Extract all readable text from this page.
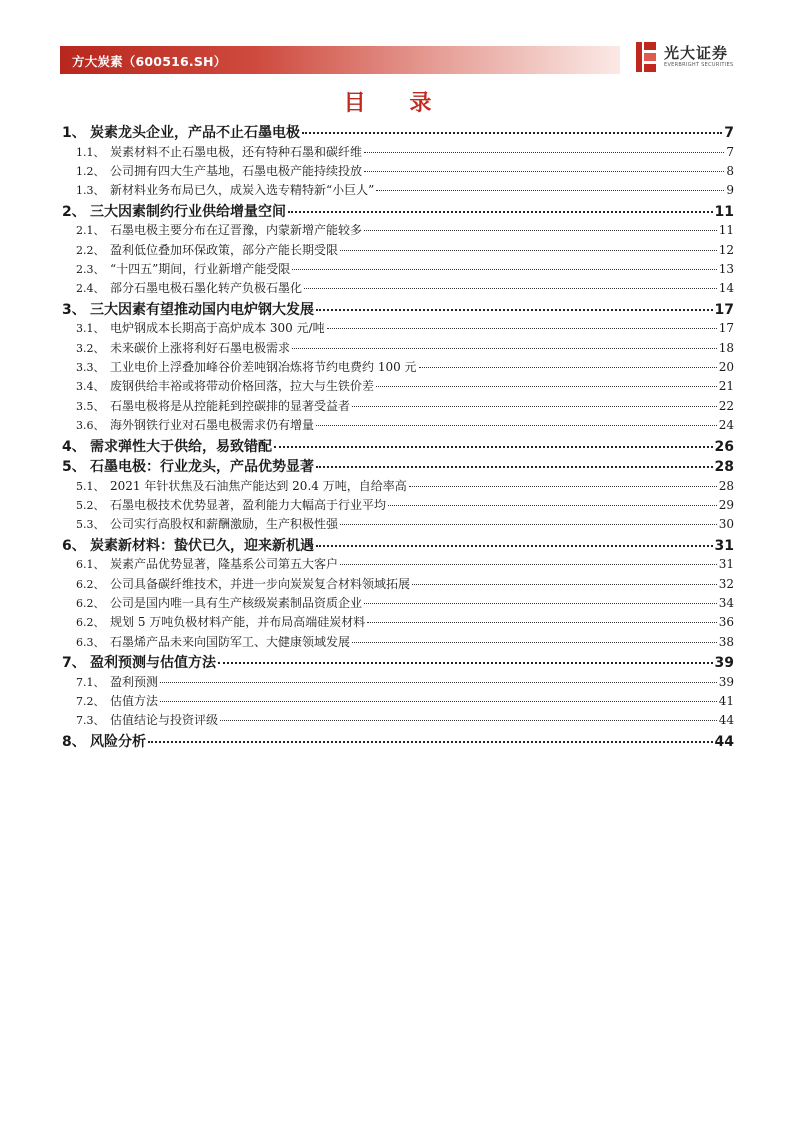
方大炭素（600516.SH）	光大证券
EVERBRIGHT SECURITIES
目 录
1、 炭素龙头企业，产品不止石墨电极	7
1.1、 炭素材料不止石墨电极，还有特种石墨和碳纤维	7
1.2、 公司拥有四大生产基地，石墨电极产能持续投放	8
1.3、 新材料业务布局已久，成炭入选专精特新“小巨人”	9
2、 三大因素制约行业供给增量空间	11
2.1、 石墨电极主要分布在辽晋豫，内蒙新增产能较多	11
2.2、 盈利低位叠加环保政策，部分产能长期受限	12
2.3、 “十四五”期间，行业新增产能受限	13
2.4、 部分石墨电极石墨化转产负极石墨化	14
3、 三大因素有望推动国内电炉钢大发展	17
3.1、 电炉钢成本长期高于高炉成本 300 元/吨	17
3.2、 未来碳价上涨将利好石墨电极需求	18
3.3、 工业电价上浮叠加峰谷价差吨钢冶炼将节约电费约 100 元	20
3.4、 废钢供给丰裕或将带动价格回落，拉大与生铁价差	21
3.5、 石墨电极将是从控能耗到控碳排的显著受益者	22
3.6、 海外钢铁行业对石墨电极需求仍有增量	24
4、 需求弹性大于供给，易致错配	26
5、 石墨电极：行业龙头，产品优势显著	28
5.1、 2021 年针状焦及石油焦产能达到 20.4 万吨，自给率高	28
5.2、 石墨电极技术优势显著，盈利能力大幅高于行业平均	29
5.3、 公司实行高股权和薪酬激励，生产积极性强	30
6、 炭素新材料：蛰伏已久，迎来新机遇	31
6.1、 炭素产品优势显著，隆基系公司第五大客户	31
6.2、 公司具备碳纤维技术，并进一步向炭炭复合材料领域拓展	32
6.2、 公司是国内唯一具有生产核级炭素制品资质企业	34
6.2、 规划 5 万吨负极材料产能，并布局高端硅炭材料	36
6.3、 石墨烯产品未来向国防军工、大健康领域发展	38
7、 盈利预测与估值方法	39
7.1、 盈利预测	39
7.2、 估值方法	41
7.3、 估值结论与投资评级	44
8、 风险分析	44
